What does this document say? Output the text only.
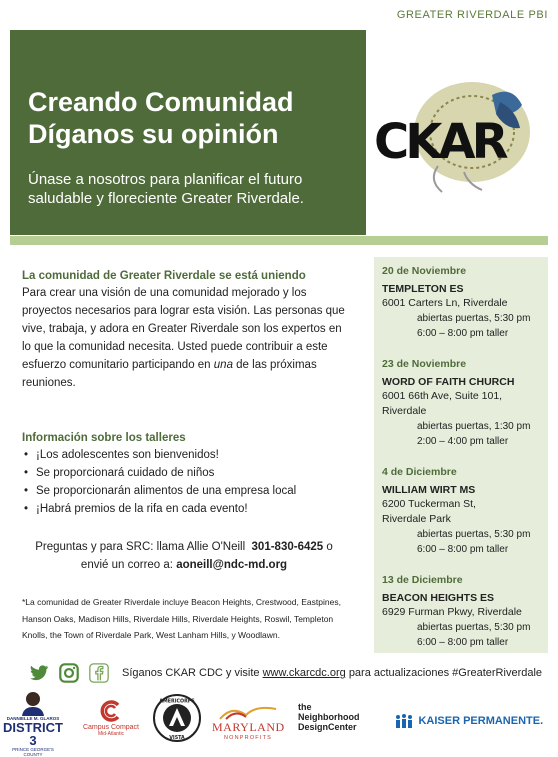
GREATER RIVERDALE PBI
Creando Comunidad
Díganos su opinión

Únase a nosotros para planificar el futuro saludable y floreciente Greater Riverdale.

CKAR
La comunidad de Greater Riverdale se está uniendo

Para crear una visión de una comunidad mejorado y los proyectos necesarios para lograr esta visión. Las personas que vive, trabaja, y adora en Greater Riverdale son los expertos en lo que la comunidad necesita. Usted puede contribuir a este esfuerzo comunitario participando en una de las próximas reuniones.

Información sobre los talleres
• ¡Los adolescentes son bienvenidos!
• Se proporcionará cuidado de niños
• Se proporcionarán alimentos de una empresa local
• ¡Habrá premios de la rifa en cada evento!
Preguntas y para SRC: llama Allie O'Neill 301-830-6425 o
envié un correo a: aoneill@ndc-md.org

*La comunidad de Greater Riverdale incluye Beacon Heights, Crestwood, Eastpines, Hanson Oaks, Madison Hills, Riverdale Hills, Riverdale Heights, Roswil, Templeton Knolls, the Town of Riverdale Park, West Lanham Hills, y Woodlawn.

20 de Noviembre
TEMPLETON ES
6001 Carters Ln, Riverdale
abiertas puertas, 5:30 pm
6:00 – 8:00 pm taller
23 de Noviembre
WORD OF FAITH CHURCH
6001 66th Ave, Suite 101,
Riverdale
abiertas puertas, 1:30 pm
2:00 – 4:00 pm taller
4 de Diciembre
WILLIAM WIRT MS
6200 Tuckerman St,
Riverdale Park
abiertas puertas, 5:30 pm
6:00 – 8:00 pm taller
13 de Diciembre
BEACON HEIGHTS ES
6929 Furman Pkwy, Riverdale
abiertas puertas, 5:30 pm
6:00 – 8:00 pm taller
Síganos CKAR CDC y visite www.ckarcdc.org para actualizaciones #GreaterRiverdale
DANNIELLE M. GLAROS
DISTRICT 3
PRINCE GEORGE'S COUNTY
Campus Compact
Mid-Atlantic
AMERICORPS
VISTA
MARYLAND
NONPROFITS
the
Neighborhood
DesignCenter
KAISER PERMANENTE.
